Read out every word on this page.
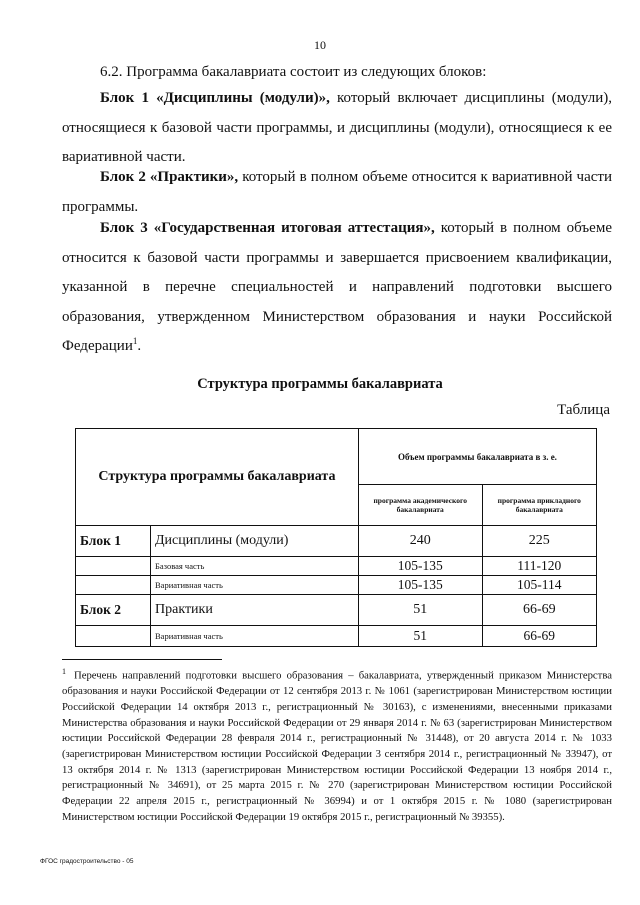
10
6.2. Программа бакалавриата состоит из следующих блоков:
Блок 1 «Дисциплины (модули)», который включает дисциплины (модули), относящиеся к базовой части программы, и дисциплины (модули), относящиеся к ее вариативной части.
Блок 2 «Практики», который в полном объеме относится к вариативной части программы.
Блок 3 «Государственная итоговая аттестация», который в полном объеме относится к базовой части программы и завершается присвоением квалификации, указанной в перечне специальностей и направлений подготовки высшего образования, утвержденном Министерством образования и науки Российской Федерации$^1$.
Структура программы бакалавриата
Таблица
Структура программы бакалавриата		Объем программы бакалавриата в з. е.	
		программа академического бакалавриата	программа прикладного бакалавриата
Блок 1	Дисциплины (модули)	240	225
	Базовая часть	105-135	111-120
	Вариативная часть	105-135	105-114
Блок 2	Практики	51	66-69
	Вариативная часть	51	66-69
$^1$ Перечень направлений подготовки высшего образования – бакалавриата, утвержденный приказом Министерства образования и науки Российской Федерации от 12 сентября 2013 г. № 1061 (зарегистрирован Министерством юстиции Российской Федерации 14 октября 2013 г., регистрационный № 30163), с изменениями, внесенными приказами Министерства образования и науки Российской Федерации от 29 января 2014 г. № 63 (зарегистрирован Министерством юстиции Российской Федерации 28 февраля 2014 г., регистрационный № 31448), от 20 августа 2014 г. № 1033 (зарегистрирован Министерством юстиции Российской Федерации 3 сентября 2014 г., регистрационный № 33947), от 13 октября 2014 г. № 1313 (зарегистрирован Министерством юстиции Российской Федерации 13 ноября 2014 г., регистрационный № 34691), от 25 марта 2015 г. № 270 (зарегистрирован Министерством юстиции Российской Федерации 22 апреля 2015 г., регистрационный № 36994) и от 1 октября 2015 г. № 1080 (зарегистрирован Министерством юстиции Российской Федерации 19 октября 2015 г., регистрационный № 39355).
ФГОС градостроительство - 05
